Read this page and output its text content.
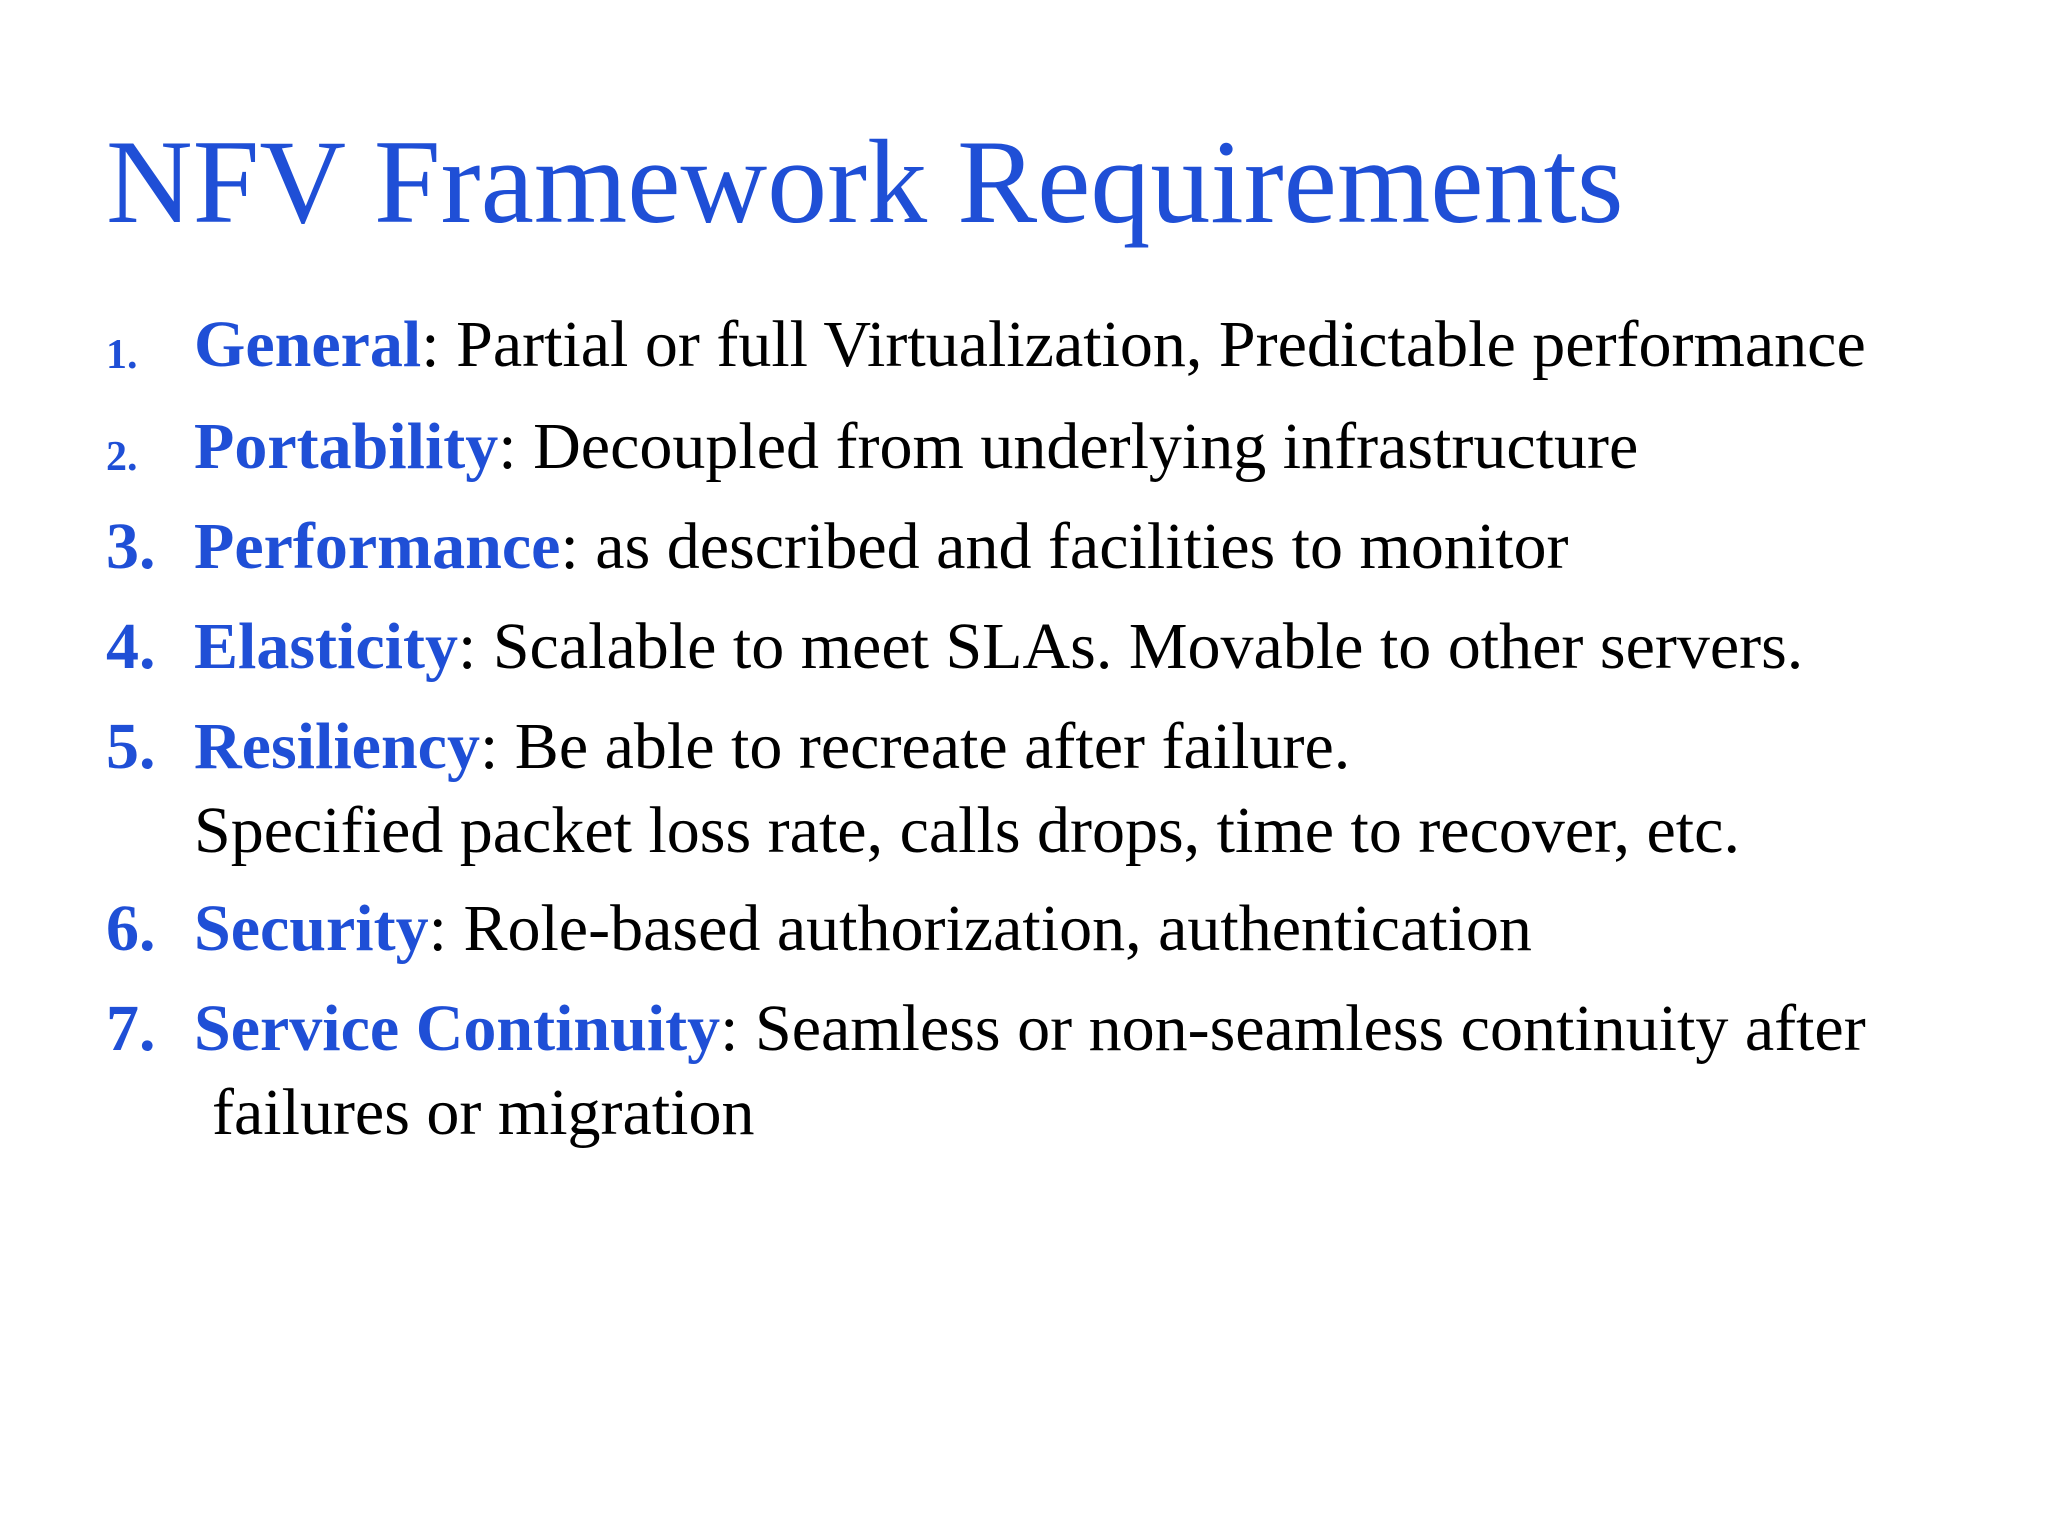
NFV Framework Requirements
1. General: Partial or full Virtualization, Predictable performance
2. Portability: Decoupled from underlying infrastructure
3. Performance: as described and facilities to monitor
4. Elasticity: Scalable to meet SLAs. Movable to other servers.
5. Resiliency: Be able to recreate after failure.
Specified packet loss rate, calls drops, time to recover, etc.
6. Security: Role-based authorization, authentication
7. Service Continuity: Seamless or non-seamless continuity after
failures or migration
